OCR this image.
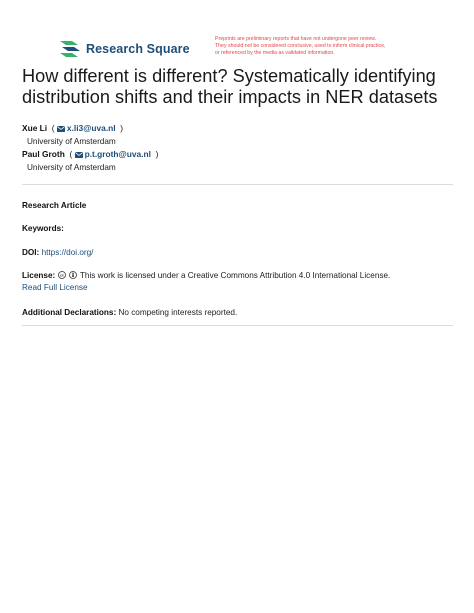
Research Square
Preprints are preliminary reports that have not undergone peer review.
They should not be considered conclusive, used to inform clinical practice,
or referenced by the media as validated information.
How different is different? Systematically identifying
distribution shifts and their impacts in NER datasets
Xue Li  ( x.li3@uva.nl  )
University of Amsterdam
Paul Groth  ( p.t.groth@uva.nl  )
University of Amsterdam
Research Article
Keywords:
DOI: https://doi.org/
License: cc This work is licensed under a Creative Commons Attribution 4.0 International License.
Read Full License
Additional Declarations: No competing interests reported.
